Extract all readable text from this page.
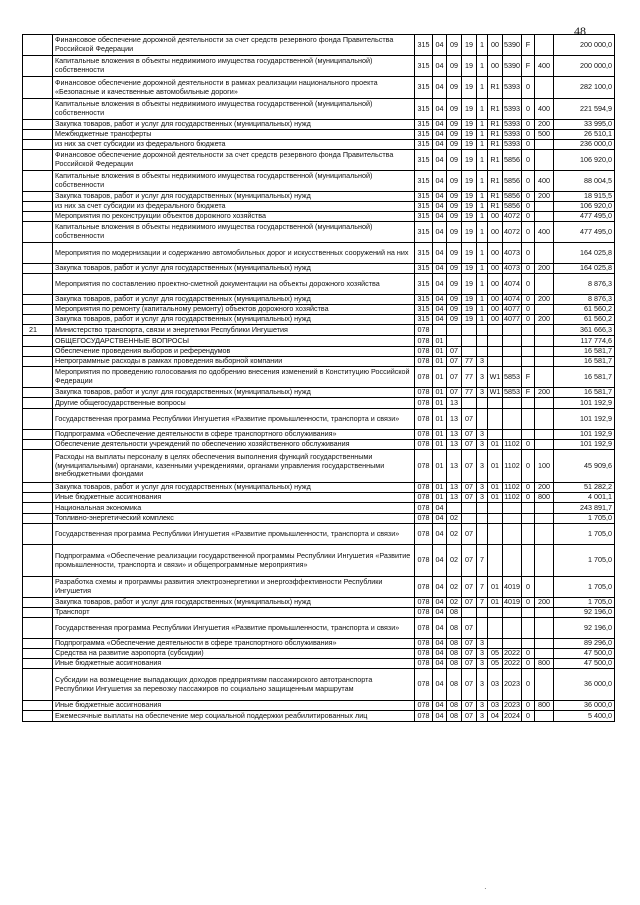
48
	Финансовое обеспечение дорожной деятельности за счет средств резервного фонда Правительства Российской Федерации	315	04	09	19	1	00	5390	F		200 000,0
	Капитальные вложения в объекты недвижимого имущества государственной (муниципальной) собственности	315	04	09	19	1	00	5390	F	400	200 000,0
	Финансовое обеспечение дорожной деятельности в рамках реализации национального проекта «Безопасные и качественные автомобильные дороги»	315	04	09	19	1	R1	5393	0		282 100,0
	Капитальные вложения в объекты недвижимого имущества государственной (муниципальной) собственности	315	04	09	19	1	R1	5393	0	400	221 594,9
	Закупка товаров, работ и услуг для государственных (муниципальных) нужд	315	04	09	19	1	R1	5393	0	200	33 995,0
	Межбюджетные трансферты	315	04	09	19	1	R1	5393	0	500	26 510,1
	из них за счет субсидии из федерального бюджета	315	04	09	19	1	R1	5393	0		236 000,0
	Финансовое обеспечение дорожной деятельности за счет средств резервного фонда Правительства Российской Федерации	315	04	09	19	1	R1	5856	0		106 920,0
	Капитальные вложения в объекты недвижимого имущества государственной (муниципальной) собственности	315	04	09	19	1	R1	5856	0	400	88 004,5
	Закупка товаров, работ и услуг для государственных (муниципальных) нужд	315	04	09	19	1	R1	5856	0	200	18 915,5
	из них за счет субсидии из федерального бюджета	315	04	09	19	1	R1	5856	0		106 920,0
	Мероприятия по реконструкции объектов дорожного хозяйства	315	04	09	19	1	00	4072	0		477 495,0
	Капитальные вложения в объекты недвижимого имущества государственной (муниципальной) собственности	315	04	09	19	1	00	4072	0	400	477 495,0
	Мероприятия по модернизации и содержанию автомобильных дорог и искусственных сооружений на них	315	04	09	19	1	00	4073	0		164 025,8
	Закупка товаров, работ и услуг для государственных (муниципальных) нужд	315	04	09	19	1	00	4073	0	200	164 025,8
	Мероприятия по составлению проектно-сметной документации на объекты дорожного хозяйства	315	04	09	19	1	00	4074	0		8 876,3
	Закупка товаров, работ и услуг для государственных (муниципальных) нужд	315	04	09	19	1	00	4074	0	200	8 876,3
	Мероприятия по ремонту (капитальному ремонту) объектов дорожного хозяйства	315	04	09	19	1	00	4077	0		61 560,2
	Закупка товаров, работ и услуг для государственных (муниципальных) нужд	315	04	09	19	1	00	4077	0	200	61 560,2
21	Министерство транспорта, связи и энергетики Республики Ингушетия	078									361 666,3
	ОБЩЕГОСУДАРСТВЕННЫЕ ВОПРОСЫ	078	01								117 774,6
	Обеспечение проведения выборов и референдумов	078	01	07							16 581,7
	Непрограммные расходы в рамках проведения выборной компании	078	01	07	77	3					16 581,7
	Мероприятия по проведению голосования по одобрению внесения изменений в Конституцию Российской Федерации	078	01	07	77	3	W1	5853	F		16 581,7
	Закупка товаров, работ и услуг для государственных (муниципальных) нужд	078	01	07	77	3	W1	5853	F	200	16 581,7
	Другие общегосударственные вопросы	078	01	13							101 192,9
	Государственная программа Республики Ингушетия «Развитие промышленности, транспорта и связи»	078	01	13	07						101 192,9
	Подпрограмма «Обеспечение деятельности в сфере транспортного обслуживания»	078	01	13	07	3					101 192,9
	Обеспечение деятельности учреждений по обеспечению хозяйственного обслуживания	078	01	13	07	3	01	1102	0		101 192,9
	Расходы на выплаты персоналу в целях обеспечения выполнения функций государственными (муниципальными) органами, казенными учреждениями, органами управления государственными внебюджетными фондами	078	01	13	07	3	01	1102	0	100	45 909,6
	Закупка товаров, работ и услуг для государственных (муниципальных) нужд	078	01	13	07	3	01	1102	0	200	51 282,2
	Иные бюджетные ассигнования	078	01	13	07	3	01	1102	0	800	4 001,1
	Национальная экономика	078	04								243 891,7
	Топливно-энергетический комплекс	078	04	02							1 705,0
	Государственная программа Республики Ингушетия «Развитие промышленности, транспорта и связи»	078	04	02	07						1 705,0
	Подпрограмма «Обеспечение реализации государственной программы Республики Ингушетия «Развитие промышленности, транспорта и связи» и общепрограммные мероприятия»	078	04	02	07	7					1 705,0
	Разработка схемы и программы развития электроэнергетики и энергоэффективности Республики Ингушетия	078	04	02	07	7	01	4019	0		1 705,0
	Закупка товаров, работ и услуг для государственных (муниципальных) нужд	078	04	02	07	7	01	4019	0	200	1 705,0
	Транспорт	078	04	08							92 196,0
	Государственная программа Республики Ингушетия «Развитие промышленности, транспорта и связи»	078	04	08	07						92 196,0
	Подпрограмма «Обеспечение деятельности в сфере транспортного обслуживания»	078	04	08	07	3					89 296,0
	Средства на развитие аэропорта (субсидии)	078	04	08	07	3	05	2022	0		47 500,0
	Иные бюджетные ассигнования	078	04	08	07	3	05	2022	0	800	47 500,0
	Субсидии на возмещение выпадающих доходов предприятиям пассажирского автотранспорта Республики Ингушетия за перевозку пассажиров по социально защищенным маршрутам	078	04	08	07	3	03	2023	0		36 000,0
	Иные бюджетные ассигнования	078	04	08	07	3	03	2023	0	800	36 000,0
	Ежемесячные выплаты на обеспечение мер социальной поддержки реабилитированных лиц	078	04	08	07	3	04	2024	0		5 400,0
·
